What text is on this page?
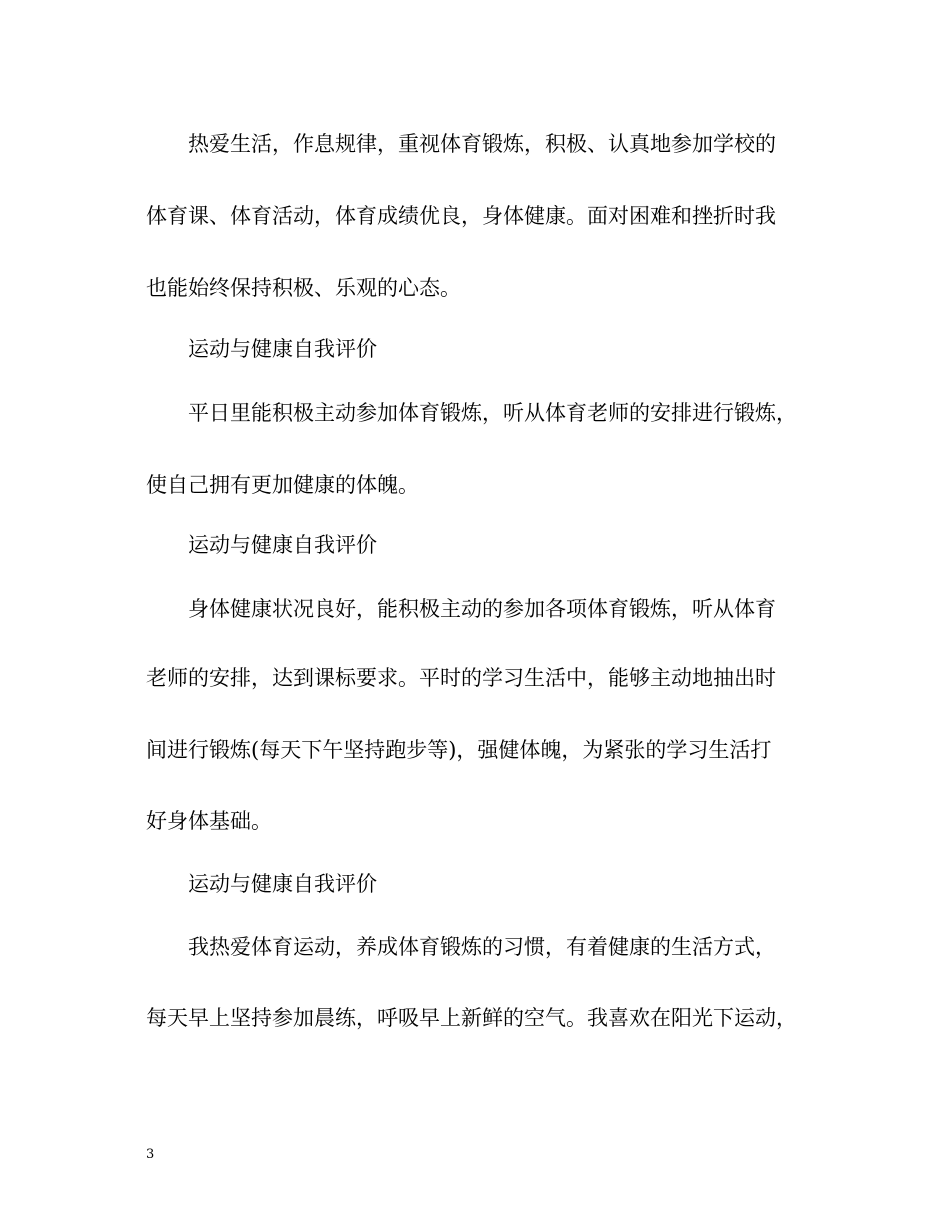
热爱生活，作息规律，重视体育锻炼，积极、认真地参加学校的
体育课、体育活动，体育成绩优良，身体健康。面对困难和挫折时我
也能始终保持积极、乐观的心态。
运动与健康自我评价
平日里能积极主动参加体育锻炼，听从体育老师的安排进行锻炼，
使自己拥有更加健康的体魄。
运动与健康自我评价
身体健康状况良好，能积极主动的参加各项体育锻炼，听从体育
老师的安排，达到课标要求。平时的学习生活中，能够主动地抽出时
间进行锻炼(每天下午坚持跑步等)，强健体魄，为紧张的学习生活打
好身体基础。
运动与健康自我评价
我热爱体育运动，养成体育锻炼的习惯，有着健康的生活方式，
每天早上坚持参加晨练，呼吸早上新鲜的空气。我喜欢在阳光下运动，
3
